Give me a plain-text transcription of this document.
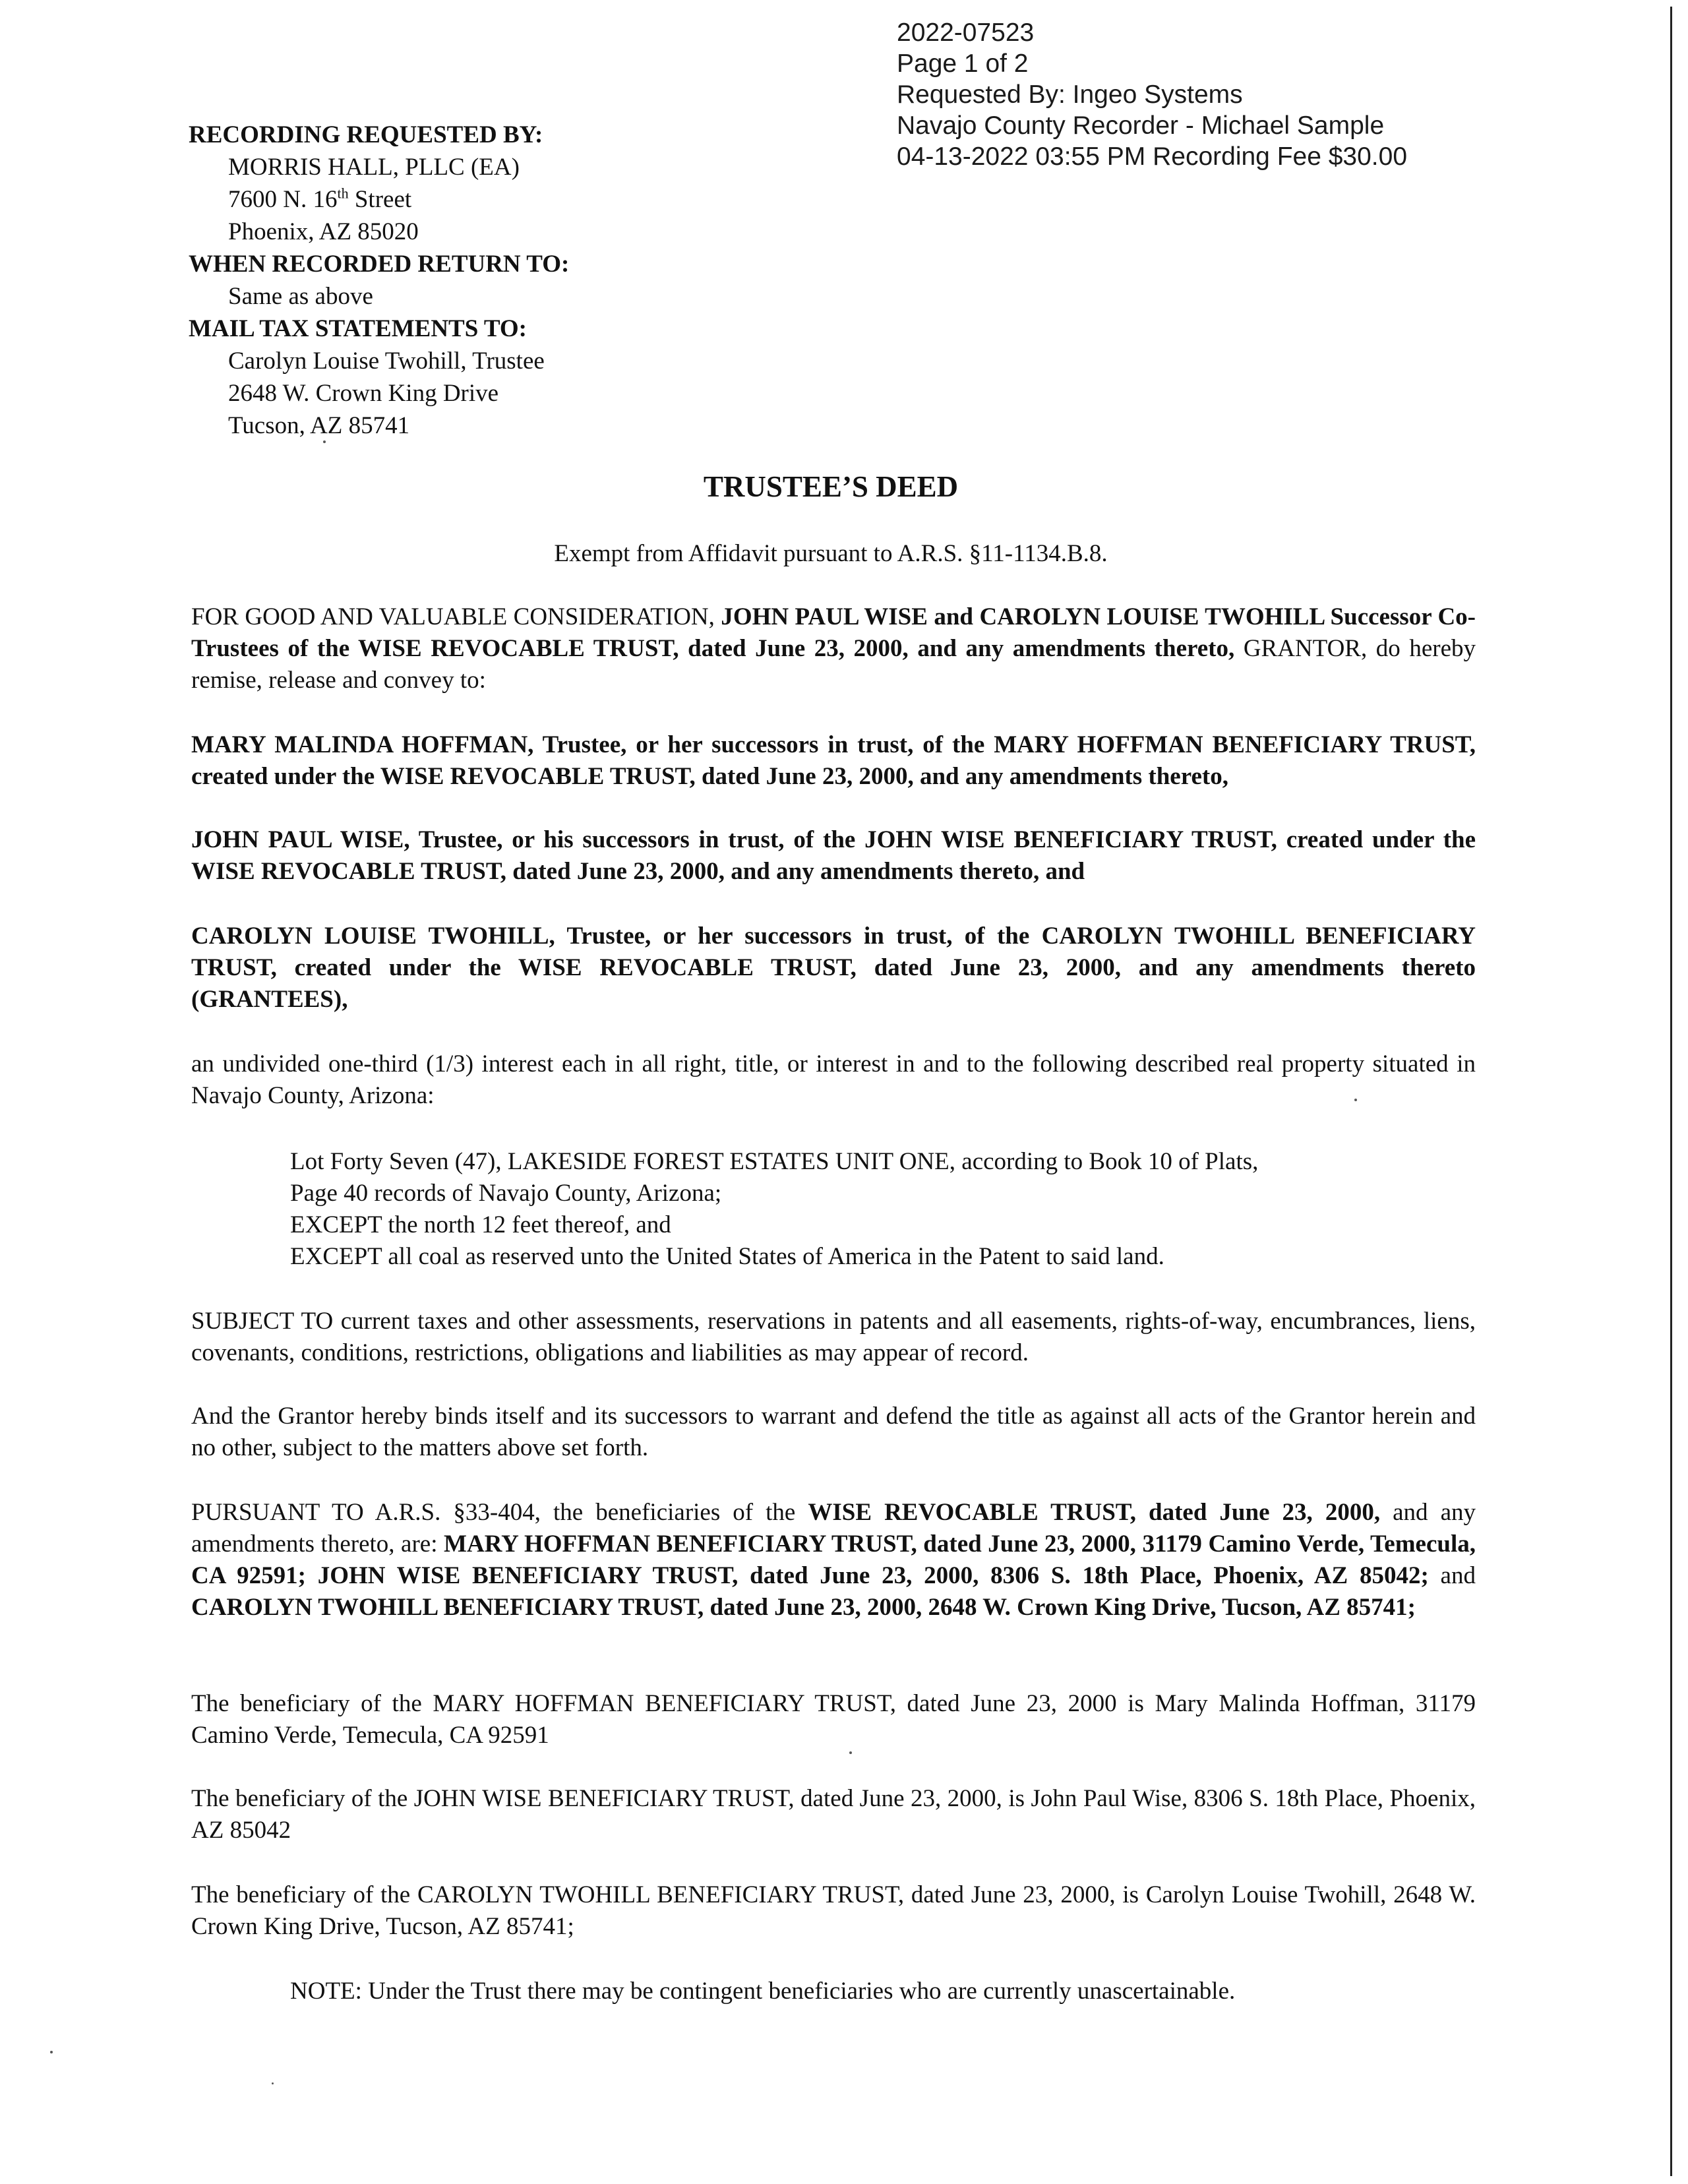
2022-07523
Page 1 of 2
Requested By: Ingeo Systems
Navajo County Recorder - Michael Sample
04-13-2022 03:55 PM Recording Fee $30.00
RECORDING REQUESTED BY:
MORRIS HALL, PLLC (EA)
7600 N. 16th Street
Phoenix, AZ 85020
WHEN RECORDED RETURN TO:
Same as above
MAIL TAX STATEMENTS TO:
Carolyn Louise Twohill, Trustee
2648 W. Crown King Drive
Tucson, AZ 85741
TRUSTEE’S DEED
Exempt from Affidavit pursuant to A.R.S. §11-1134.B.8.
FOR GOOD AND VALUABLE CONSIDERATION, JOHN PAUL WISE and CAROLYN LOUISE TWOHILL Successor Co-Trustees of the WISE REVOCABLE TRUST, dated June 23, 2000, and any amendments thereto, GRANTOR, do hereby remise, release and convey to:
MARY MALINDA HOFFMAN, Trustee, or her successors in trust, of the MARY HOFFMAN BENEFICIARY TRUST, created under the WISE REVOCABLE TRUST, dated June 23, 2000, and any amendments thereto,
JOHN PAUL WISE, Trustee, or his successors in trust, of the JOHN WISE BENEFICIARY TRUST, created under the WISE REVOCABLE TRUST, dated June 23, 2000, and any amendments thereto, and
CAROLYN LOUISE TWOHILL, Trustee, or her successors in trust, of the CAROLYN TWOHILL BENEFICIARY TRUST, created under the WISE REVOCABLE TRUST, dated June 23, 2000, and any amendments thereto (GRANTEES),
an undivided one-third (1/3) interest each in all right, title, or interest in and to the following described real property situated in Navajo County, Arizona:
Lot Forty Seven (47), LAKESIDE FOREST ESTATES UNIT ONE, according to Book 10 of Plats,
Page 40 records of Navajo County, Arizona;
EXCEPT the north 12 feet thereof, and
EXCEPT all coal as reserved unto the United States of America in the Patent to said land.
SUBJECT TO current taxes and other assessments, reservations in patents and all easements, rights-of-way, encumbrances, liens, covenants, conditions, restrictions, obligations and liabilities as may appear of record.
And the Grantor hereby binds itself and its successors to warrant and defend the title as against all acts of the Grantor herein and no other, subject to the matters above set forth.
PURSUANT TO A.R.S. §33-404, the beneficiaries of the WISE REVOCABLE TRUST, dated June 23, 2000, and any amendments thereto, are: MARY HOFFMAN BENEFICIARY TRUST, dated June 23, 2000, 31179 Camino Verde, Temecula, CA 92591; JOHN WISE BENEFICIARY TRUST, dated June 23, 2000, 8306 S. 18th Place, Phoenix, AZ 85042; and CAROLYN TWOHILL BENEFICIARY TRUST, dated June 23, 2000, 2648 W. Crown King Drive, Tucson, AZ 85741;
The beneficiary of the MARY HOFFMAN BENEFICIARY TRUST, dated June 23, 2000 is Mary Malinda Hoffman, 31179 Camino Verde, Temecula, CA 92591
The beneficiary of the JOHN WISE BENEFICIARY TRUST, dated June 23, 2000, is John Paul Wise, 8306 S. 18th Place, Phoenix, AZ 85042
The beneficiary of the CAROLYN TWOHILL BENEFICIARY TRUST, dated June 23, 2000, is Carolyn Louise Twohill, 2648 W. Crown King Drive, Tucson, AZ 85741;
NOTE: Under the Trust there may be contingent beneficiaries who are currently unascertainable.
